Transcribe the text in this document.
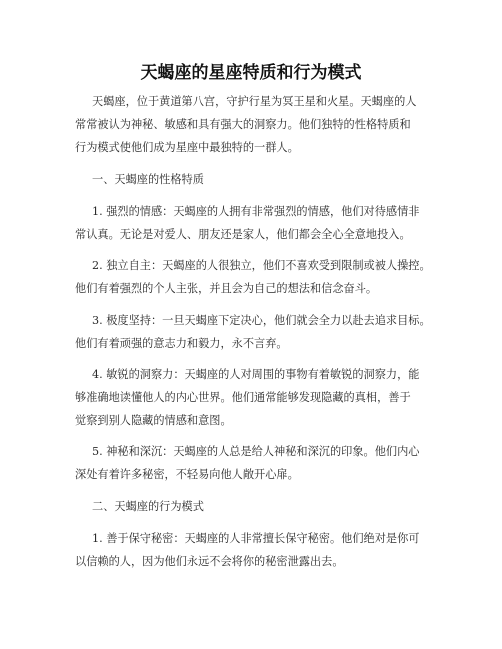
天蝎座的星座特质和行为模式
天蝎座，位于黄道第八宫，守护行星为冥王星和火星。天蝎座的人
常常被认为神秘、敏感和具有强大的洞察力。他们独特的性格特质和
行为模式使他们成为星座中最独特的一群人。
一、天蝎座的性格特质
1. 强烈的情感：天蝎座的人拥有非常强烈的情感，他们对待感情非
常认真。无论是对爱人、朋友还是家人，他们都会全心全意地投入。
2. 独立自主：天蝎座的人很独立，他们不喜欢受到限制或被人操控。
他们有着强烈的个人主张，并且会为自己的想法和信念奋斗。
3. 极度坚持：一旦天蝎座下定决心，他们就会全力以赴去追求目标。
他们有着顽强的意志力和毅力，永不言弃。
4. 敏锐的洞察力：天蝎座的人对周围的事物有着敏锐的洞察力，能
够准确地读懂他人的内心世界。他们通常能够发现隐藏的真相，善于
觉察到别人隐藏的情感和意图。
5. 神秘和深沉：天蝎座的人总是给人神秘和深沉的印象。他们内心
深处有着许多秘密，不轻易向他人敞开心扉。
二、天蝎座的行为模式
1. 善于保守秘密：天蝎座的人非常擅长保守秘密。他们绝对是你可
以信赖的人，因为他们永远不会将你的秘密泄露出去。
